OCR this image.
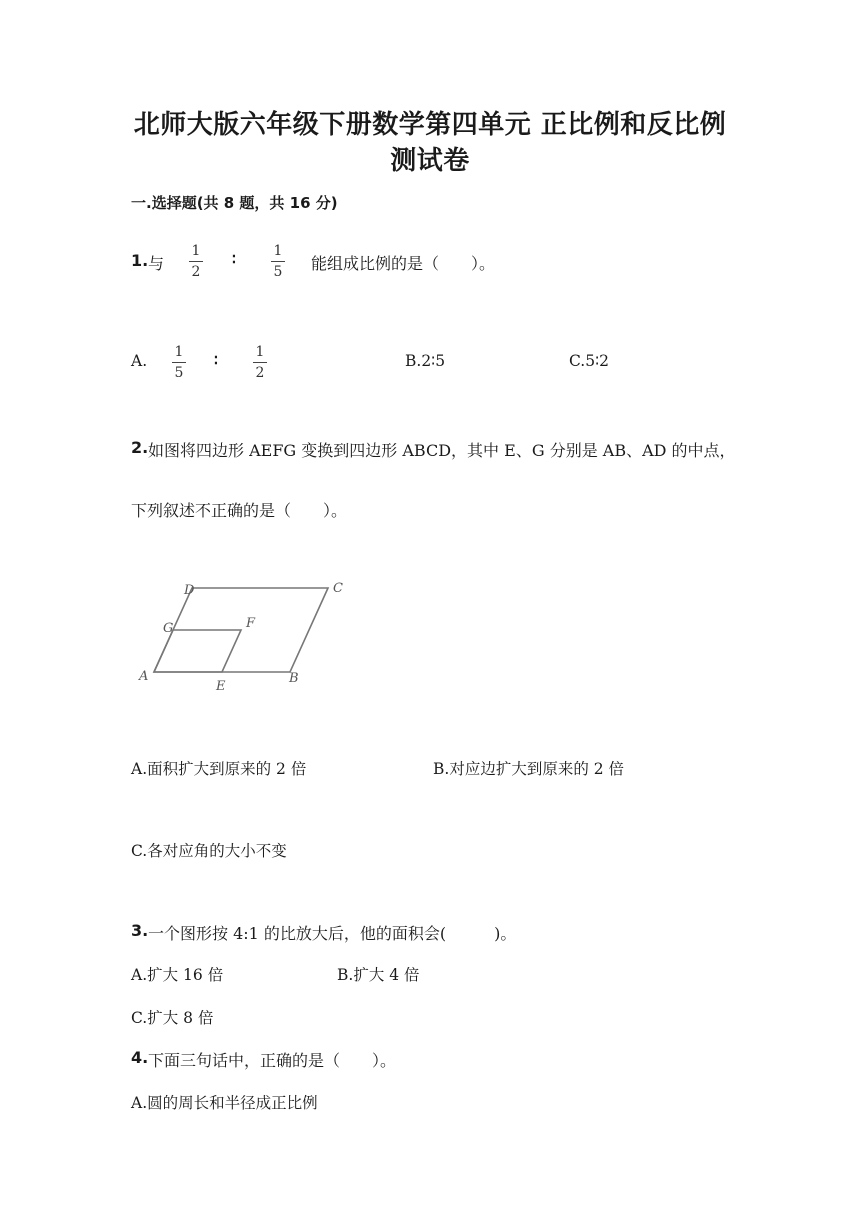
北师大版六年级下册数学第四单元 正比例和反比例
测试卷
一.选择题(共 8 题，共 16 分)
1. 与
1
2
∶	1
5 能组成比例的是（　　）。
A. 1
5
∶	1
2
B.2∶5	C.5∶2
2. 如图将四边形 AEFG 变换到四边形 ABCD，其中 E、G 分别是 AB、AD 的中点，
下列叙述不正确的是（　　）。
A	B
C
D
E
F
G
A.面积扩大到原来的 2 倍	B.对应边扩大到原来的 2 倍
C.各对应角的大小不变
3. 一个图形按 4:1 的比放大后，他的面积会(　　　)。
A.扩大 16 倍	B.扩大 4 倍
C.扩大 8 倍
4. 下面三句话中，正确的是（　　）。
A.圆的周长和半径成正比例
